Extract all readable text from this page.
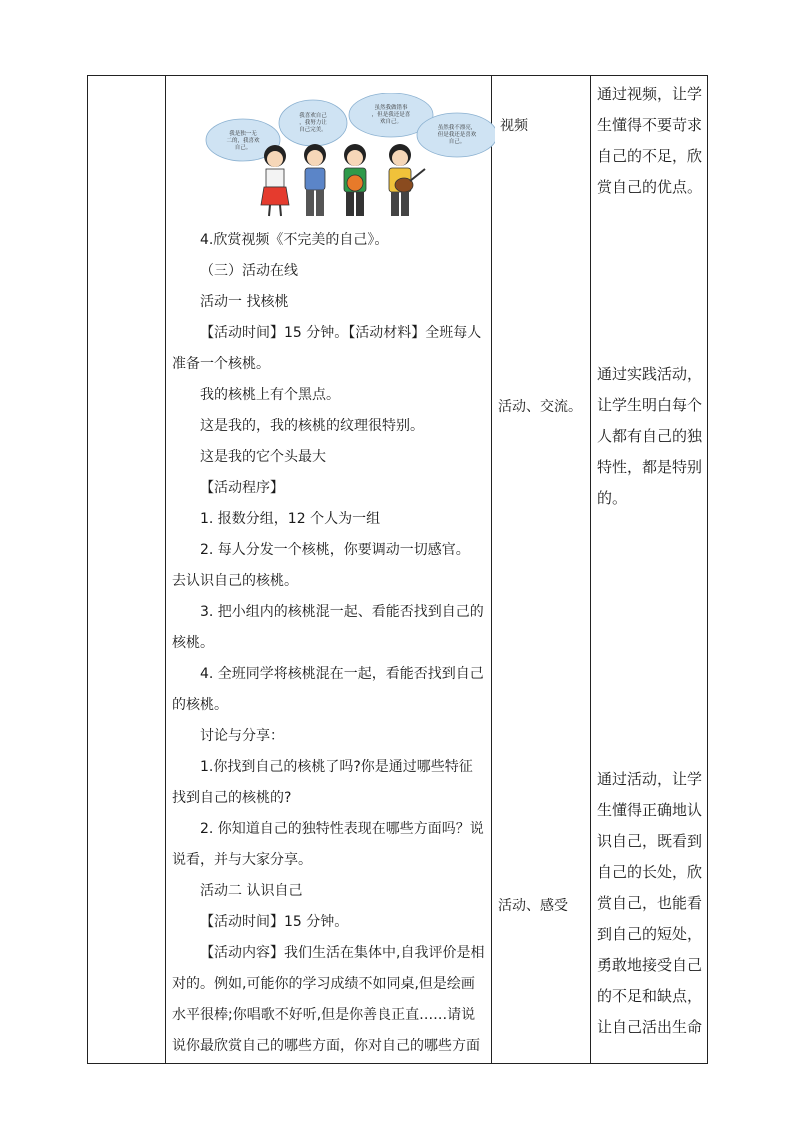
我是独一无
二的，我喜欢
自己。
我喜欢自己
，我努力让
自己完美。
虽然我做错事
，但是我还是喜
欢自己。
虽然我不漂亮，
但是我还是喜欢
自己。
4.欣赏视频《不完美的自己》。
（三）活动在线
活动一 找核桃
【活动时间】15 分钟。【活动材料】全班每人
准备一个核桃。
我的核桃上有个黑点。
这是我的，我的核桃的纹理很特别。
这是我的它个头最大
【活动程序】
1. 报数分组，12 个人为一组
2. 每人分发一个核桃，你要调动一切感官。
去认识自己的核桃。
3. 把小组内的核桃混一起、看能否找到自己的
核桃。
4. 全班同学将核桃混在一起，看能否找到自己
的核桃。
讨论与分享：
1.你找到自己的核桃了吗?你是通过哪些特征
找到自己的核桃的?
2. 你知道自己的独特性表现在哪些方面吗？说
说看，并与大家分享。
活动二 认识自己
【活动时间】15 分钟。
【活动内容】我们生活在集体中,自我评价是相
对的。例如,可能你的学习成绩不如同桌,但是绘画
水平很棒;你唱歌不好听,但是你善良正直……请说
说你最欣赏自己的哪些方面，你对自己的哪些方面
视频
活动、交流。
活动、感受
通过视频，让学
生懂得不要苛求
自己的不足，欣
赏自己的优点。
通过实践活动，
让学生明白每个
人都有自己的独
特性，都是特别
的。
通过活动，让学
生懂得正确地认
识自己，既看到
自己的长处，欣
赏自己，也能看
到自己的短处，
勇敢地接受自己
的不足和缺点，
让自己活出生命
